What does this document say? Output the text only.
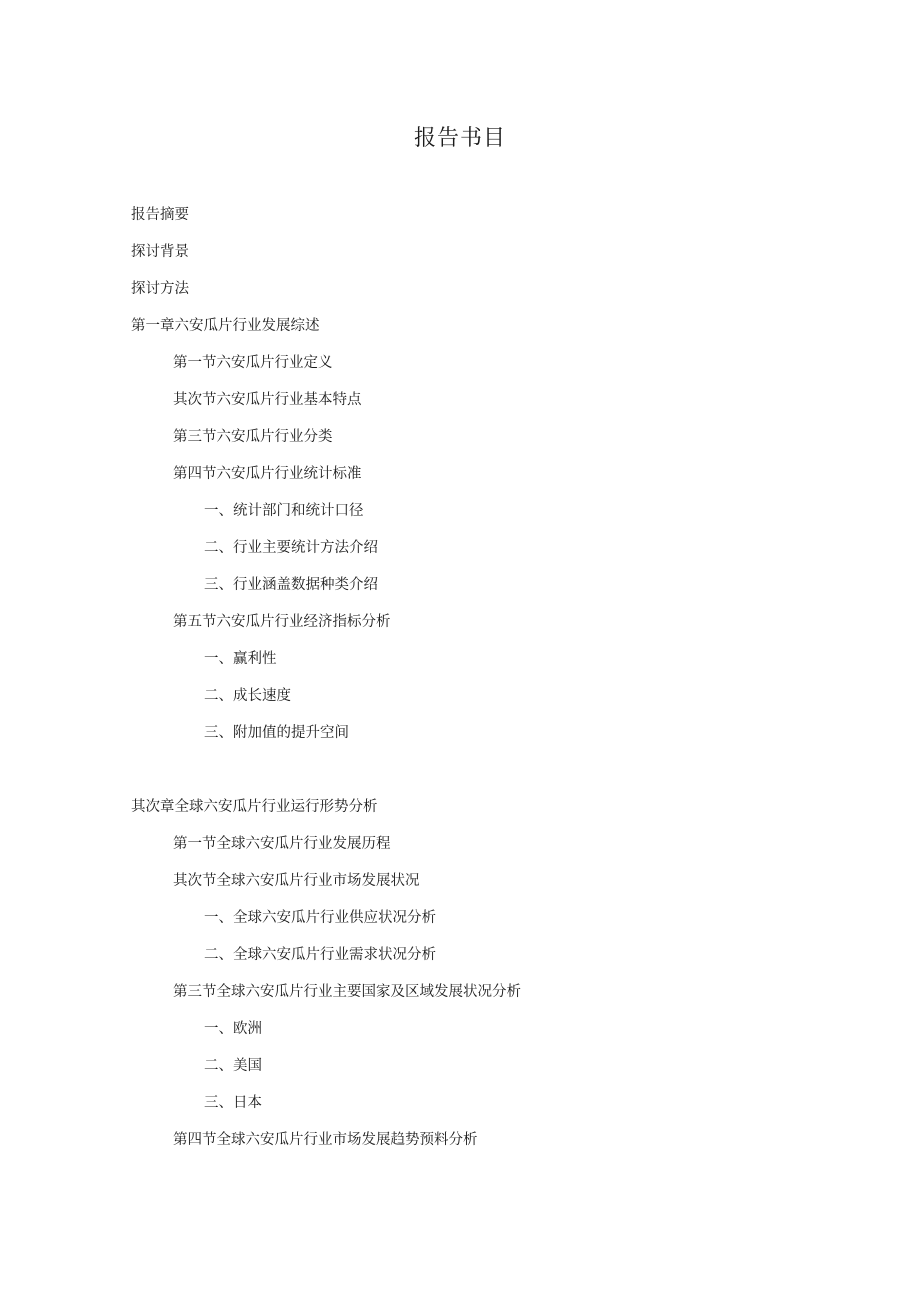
报告书目
报告摘要
探讨背景
探讨方法
第一章六安瓜片行业发展综述
第一节六安瓜片行业定义
其次节六安瓜片行业基本特点
第三节六安瓜片行业分类
第四节六安瓜片行业统计标准
一、统计部门和统计口径
二、行业主要统计方法介绍
三、行业涵盖数据种类介绍
第五节六安瓜片行业经济指标分析
一、赢利性
二、成长速度
三、附加值的提升空间
其次章全球六安瓜片行业运行形势分析
第一节全球六安瓜片行业发展历程
其次节全球六安瓜片行业市场发展状况
一、全球六安瓜片行业供应状况分析
二、全球六安瓜片行业需求状况分析
第三节全球六安瓜片行业主要国家及区域发展状况分析
一、欧洲
二、美国
三、日本
第四节全球六安瓜片行业市场发展趋势预料分析
